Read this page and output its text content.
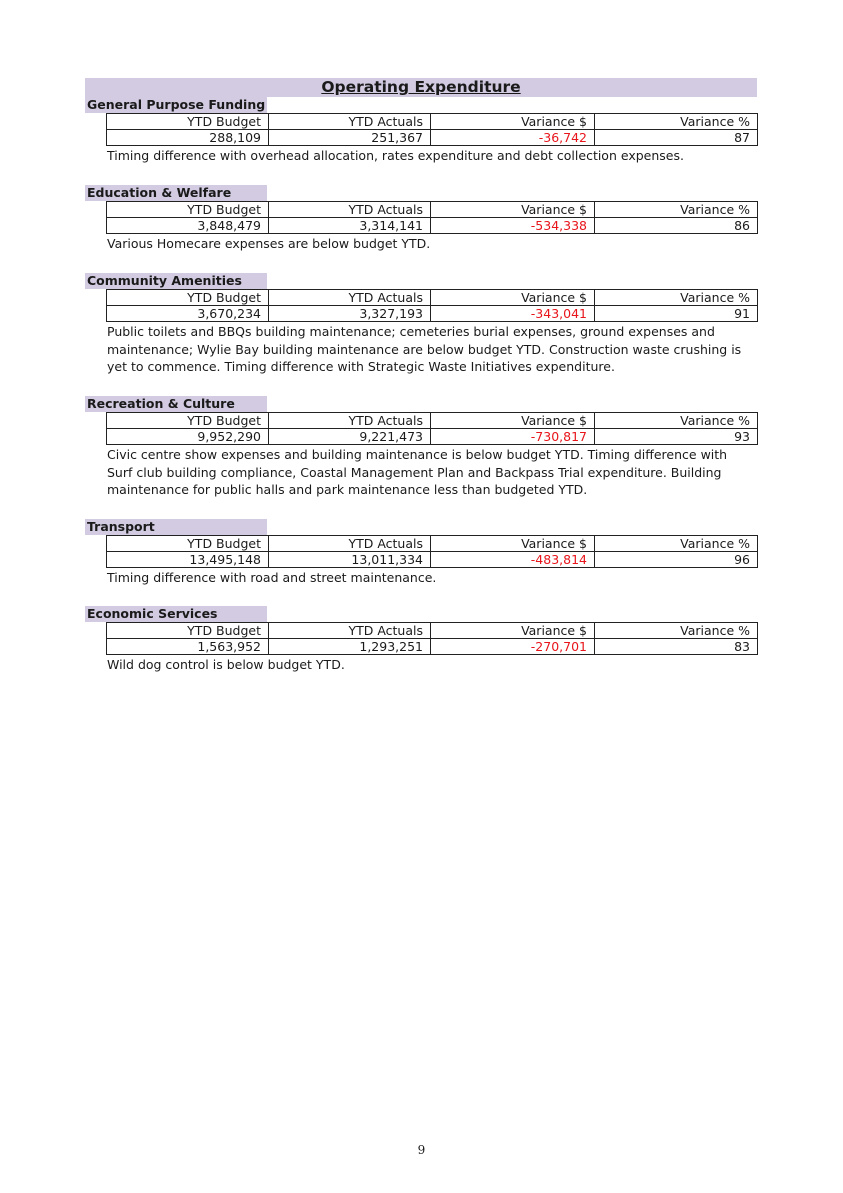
Operating Expenditure
General Purpose Funding
YTD Budget	YTD Actuals	Variance $	Variance %
288,109	251,367	-36,742	87
Timing difference with overhead allocation, rates expenditure and debt collection expenses.
Education & Welfare
YTD Budget	YTD Actuals	Variance $	Variance %
3,848,479	3,314,141	-534,338	86
Various Homecare expenses are below budget YTD.
Community Amenities
YTD Budget	YTD Actuals	Variance $	Variance %
3,670,234	3,327,193	-343,041	91
Public toilets and BBQs building maintenance; cemeteries burial expenses, ground expenses and maintenance; Wylie Bay building maintenance are below budget YTD. Construction waste crushing is yet to commence. Timing difference with Strategic Waste Initiatives expenditure.
Recreation & Culture
YTD Budget	YTD Actuals	Variance $	Variance %
9,952,290	9,221,473	-730,817	93
Civic centre show expenses and building maintenance is below budget YTD. Timing difference with Surf club building compliance, Coastal Management Plan and Backpass Trial expenditure. Building maintenance for public halls and park maintenance less than budgeted YTD.
Transport
YTD Budget	YTD Actuals	Variance $	Variance %
13,495,148	13,011,334	-483,814	96
Timing difference with road and street maintenance.
Economic Services
YTD Budget	YTD Actuals	Variance $	Variance %
1,563,952	1,293,251	-270,701	83
Wild dog control is below budget YTD.
9
